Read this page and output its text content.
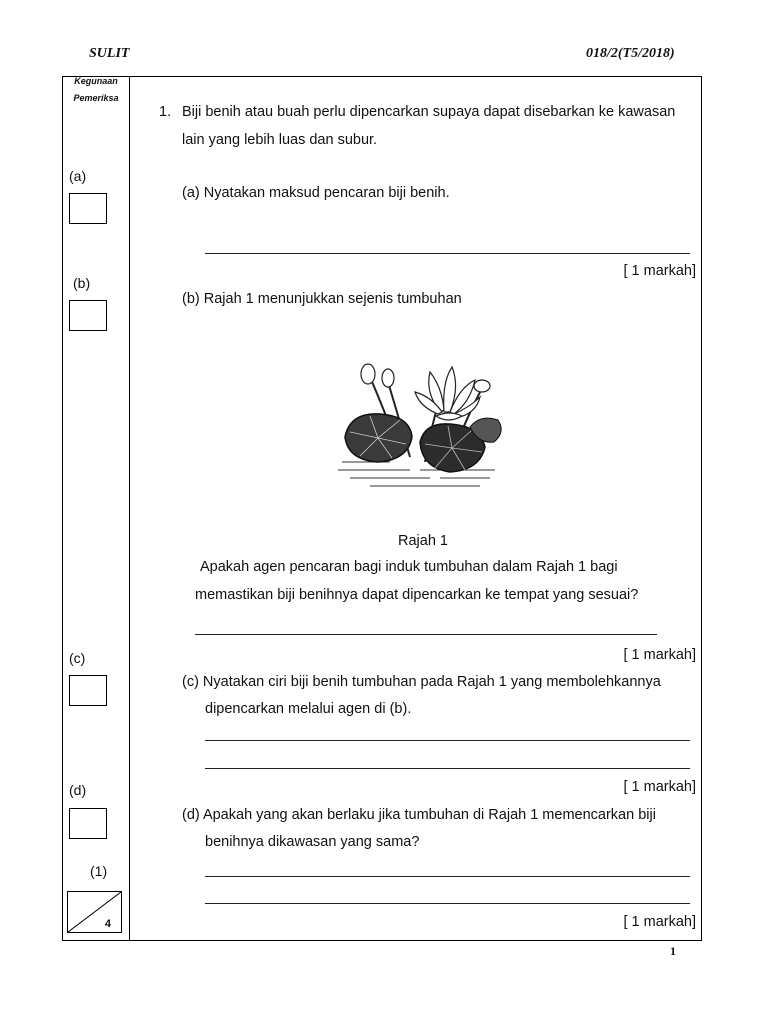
SULIT	018/2(T5/2018)
Kegunaan
Pemeriksa
(a)
(b)
(c)
(d)
(1)
4
1. Biji benih atau buah perlu dipencarkan supaya dapat disebarkan ke kawasan
lain yang lebih luas dan subur.
(a) Nyatakan maksud pencaran biji benih.
[ 1 markah]
(b) Rajah 1 menunjukkan sejenis tumbuhan
Rajah 1
Apakah agen pencaran bagi induk tumbuhan dalam Rajah 1 bagi
memastikan biji benihnya dapat dipencarkan ke tempat yang sesuai?
[ 1 markah]
(c) Nyatakan ciri biji benih tumbuhan pada Rajah 1 yang membolehkannya
dipencarkan melalui agen di (b).
[ 1 markah]
(d) Apakah yang akan berlaku jika tumbuhan di Rajah 1 memencarkan biji
benihnya dikawasan yang sama?
[ 1 markah]
1
